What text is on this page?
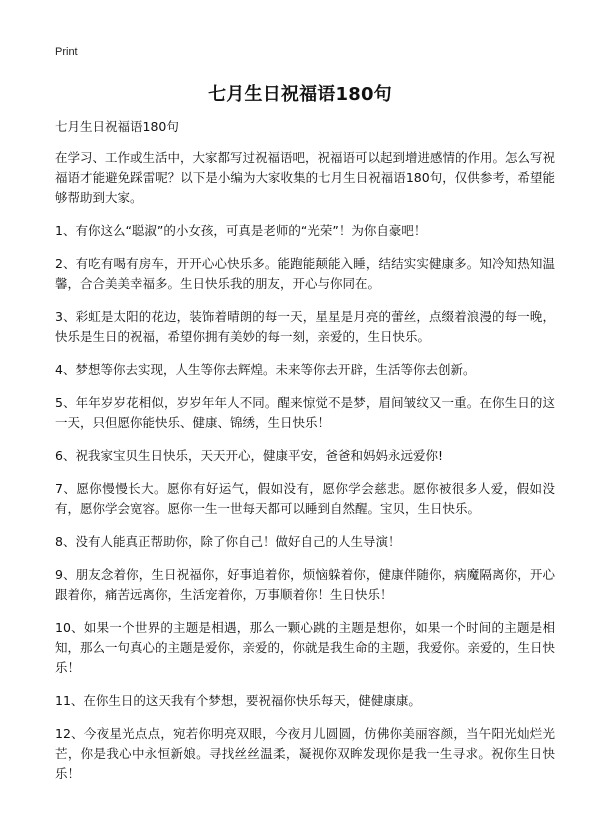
Print
七月生日祝福语180句

七月生日祝福语180句

在学习、工作或生活中，大家都写过祝福语吧，祝福语可以起到增进感情的作用。怎么写祝福语才能避免踩雷呢？以下是小编为大家收集的七月生日祝福语180句，仅供参考，希望能够帮助到大家。

1、有你这么“聪淑”的小女孩，可真是老师的“光荣”！为你自豪吧！

2、有吃有喝有房车，开开心心快乐多。能跑能颠能入睡，结结实实健康多。知冷知热知温馨，合合美美幸福多。生日快乐我的朋友，开心与你同在。

3、彩虹是太阳的花边，装饰着晴朗的每一天，星星是月亮的蕾丝，点缀着浪漫的每一晚，快乐是生日的祝福，希望你拥有美妙的每一刻，亲爱的，生日快乐。

4、梦想等你去实现，人生等你去辉煌。未来等你去开辟，生活等你去创新。

5、年年岁岁花相似，岁岁年年人不同。醒来惊觉不是梦，眉间皱纹又一重。在你生日的这一天，只但愿你能快乐、健康、锦绣，生日快乐！

6、祝我家宝贝生日快乐，天天开心，健康平安，爸爸和妈妈永远爱你!

7、愿你慢慢长大。愿你有好运气，假如没有，愿你学会慈悲。愿你被很多人爱，假如没有，愿你学会宽容。愿你一生一世每天都可以睡到自然醒。宝贝，生日快乐。

8、没有人能真正帮助你，除了你自己！做好自己的人生导演！

9、朋友念着你，生日祝福你，好事追着你，烦恼躲着你，健康伴随你，病魔隔离你，开心跟着你，痛苦远离你，生活宠着你，万事顺着你！生日快乐！

10、如果一个世界的主题是相遇，那么一颗心跳的主题是想你，如果一个时间的主题是相知，那么一句真心的主题是爱你，亲爱的，你就是我生命的主题，我爱你。亲爱的，生日快乐！

11、在你生日的这天我有个梦想，要祝福你快乐每天，健健康康。

12、今夜星光点点，宛若你明亮双眼，今夜月儿圆圆，仿佛你美丽容颜，当午阳光灿烂光芒，你是我心中永恒新娘。寻找丝丝温柔，凝视你双眸发现你是我一生寻求。祝你生日快乐！
